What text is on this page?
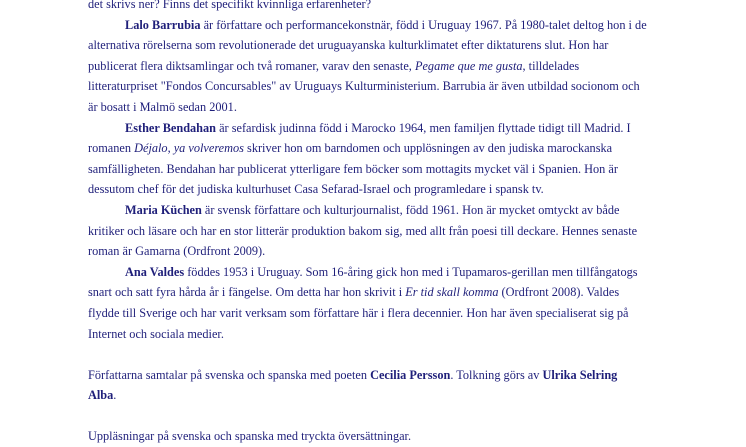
det skrivs ner? Finns det specifikt kvinnliga erfarenheter?
Lalo Barrubia är författare och performancekonstnär, född i Uruguay 1967. På 1980-talet deltog hon i de
alternativa rörelserna som revolutionerade det uruguayanska kulturklimatet efter diktaturens slut. Hon har
publicerat flera diktsamlingar och två romaner, varav den senaste, Pegame que me gusta, tilldelades
litteraturpriset "Fondos Concursables" av Uruguays Kulturministerium. Barrubia är även utbildad socionom och
är bosatt i Malmö sedan 2001.
Esther Bendahan är sefardisk judinna född i Marocko 1964, men familjen flyttade tidigt till Madrid. I
romanen Déjalo, ya volveremos skriver hon om barndomen och upplösningen av den judiska marockanska
samfälligheten. Bendahan har publicerat ytterligare fem böcker som mottagits mycket väl i Spanien. Hon är
dessutom chef för det judiska kulturhuset Casa Sefarad-Israel och programledare i spansk tv.
Maria Küchen är svensk författare och kulturjournalist, född 1961. Hon är mycket omtyckt av både
kritiker och läsare och har en stor litterär produktion bakom sig, med allt från poesi till deckare. Hennes senaste
roman är Gamarna (Ordfront 2009).
Ana Valdes föddes 1953 i Uruguay. Som 16-åring gick hon med i Tupamaros-gerillan men tillfångatogs
snart och satt fyra hårda år i fängelse. Om detta har hon skrivit i Er tid skall komma (Ordfront 2008). Valdes
flydde till Sverige och har varit verksam som författare här i flera decennier. Hon har även specialiserat sig på
Internet och sociala medier.
Författarna samtalar på svenska och spanska med poeten Cecilia Persson. Tolkning görs av Ulrika Selring
Alba.
Uppläsningar på svenska och spanska med tryckta översättningar.
